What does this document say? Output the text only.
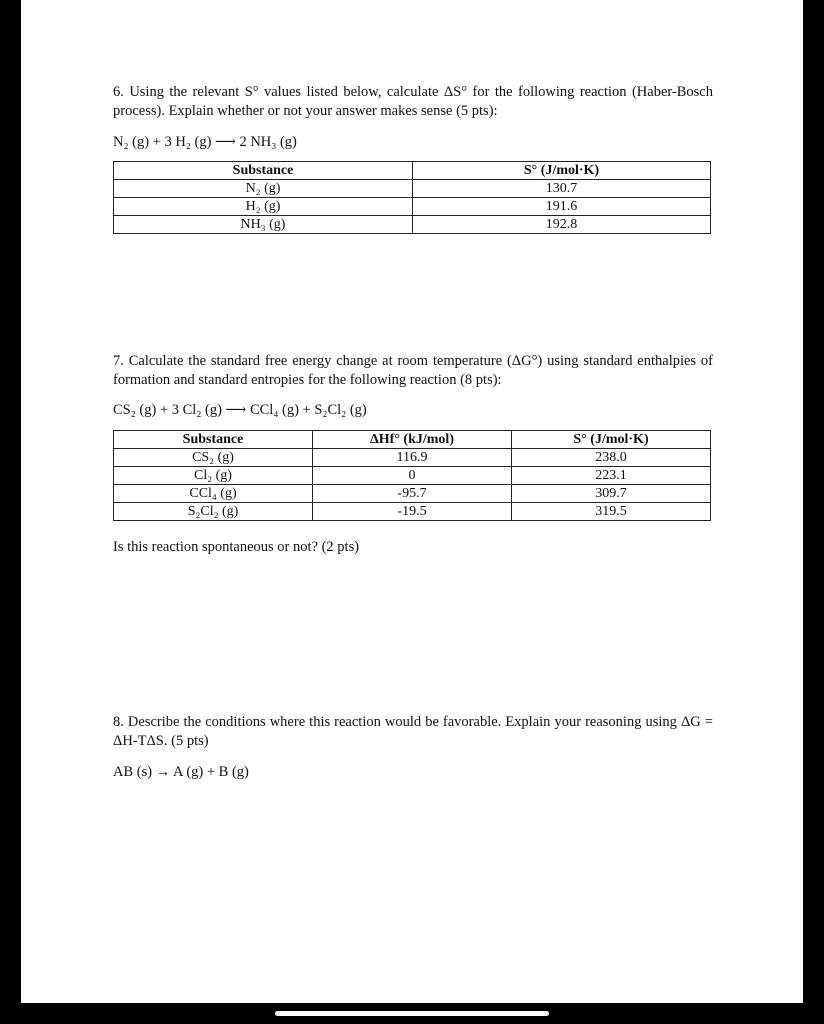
6. Using the relevant S° values listed below, calculate ΔS° for the following reaction (Haber-Bosch process). Explain whether or not your answer makes sense (5 pts):
N₂ (g) + 3 H₂ (g) ⟶ 2 NH₃ (g)
Substance	S° (J/mol·K)
N₂ (g)	130.7
H₂ (g)	191.6
NH₃ (g)	192.8
7. Calculate the standard free energy change at room temperature (ΔG°) using standard enthalpies of formation and standard entropies for the following reaction (8 pts):
CS₂ (g) + 3 Cl₂ (g) ⟶ CCl₄ (g) + S₂Cl₂ (g)
Substance	ΔHf° (kJ/mol)	S° (J/mol·K)
CS₂ (g)	116.9	238.0
Cl₂ (g)	0	223.1
CCl₄ (g)	-95.7	309.7
S₂Cl₂ (g)	-19.5	319.5
Is this reaction spontaneous or not? (2 pts)
8. Describe the conditions where this reaction would be favorable. Explain your reasoning using ΔG = ΔH-TΔS. (5 pts)
AB (s) → A (g) + B (g)
